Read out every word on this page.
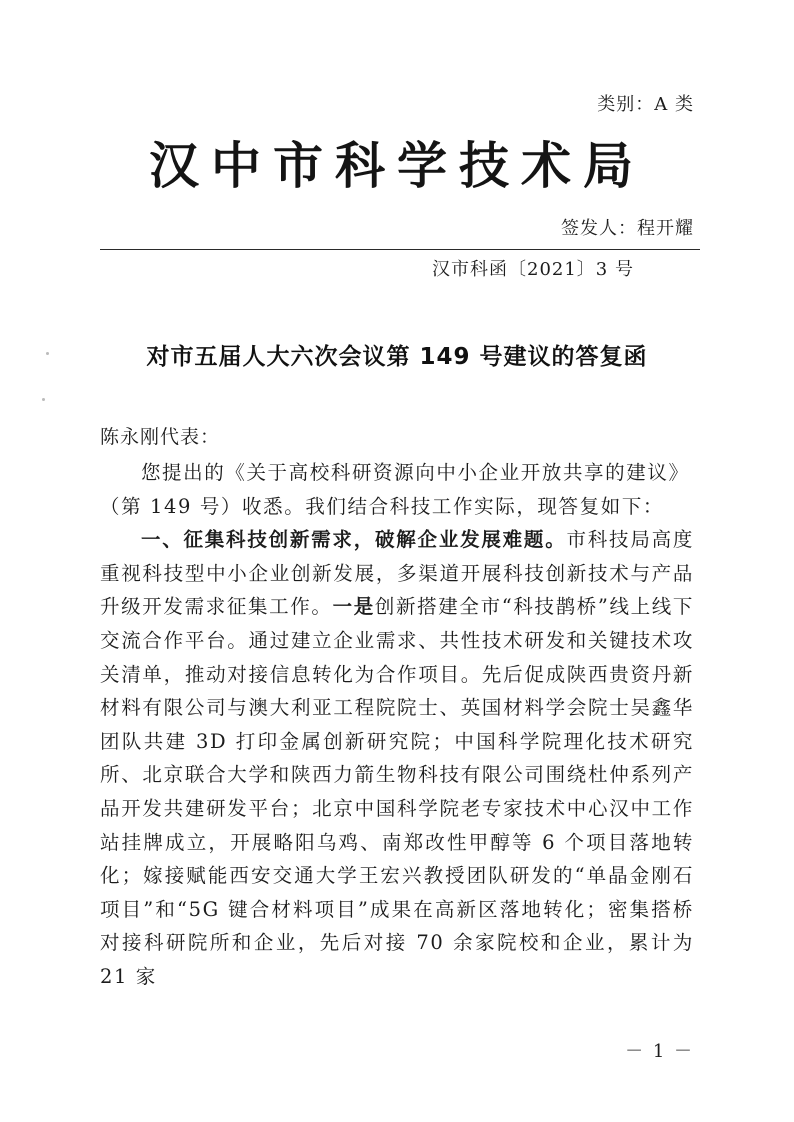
类别：A 类
汉中市科学技术局
签发人：程开耀
汉市科函〔2021〕3 号
对市五届人大六次会议第 149 号建议的答复函
陈永刚代表：

您提出的《关于高校科研资源向中小企业开放共享的建议》

（第 149 号）收悉。我们结合科技工作实际，现答复如下：

一、征集科技创新需求，破解企业发展难题。市科技局高度重视科技型中小企业创新发展，多渠道开展科技创新技术与产品升级开发需求征集工作。一是创新搭建全市“科技鹊桥”线上线下交流合作平台。通过建立企业需求、共性技术研发和关键技术攻关清单，推动对接信息转化为合作项目。先后促成陕西贵资丹新材料有限公司与澳大利亚工程院院士、英国材料学会院士吴鑫华团队共建 3D 打印金属创新研究院；中国科学院理化技术研究所、北京联合大学和陕西力箭生物科技有限公司围绕杜仲系列产品开发共建研发平台；北京中国科学院老专家技术中心汉中工作站挂牌成立，开展略阳乌鸡、南郑改性甲醇等 6 个项目落地转化；嫁接赋能西安交通大学王宏兴教授团队研发的“单晶金刚石项目”和“5G 键合材料项目”成果在高新区落地转化；密集搭桥对接科研院所和企业，先后对接 70 余家院校和企业，累计为 21 家

－ 1 －
